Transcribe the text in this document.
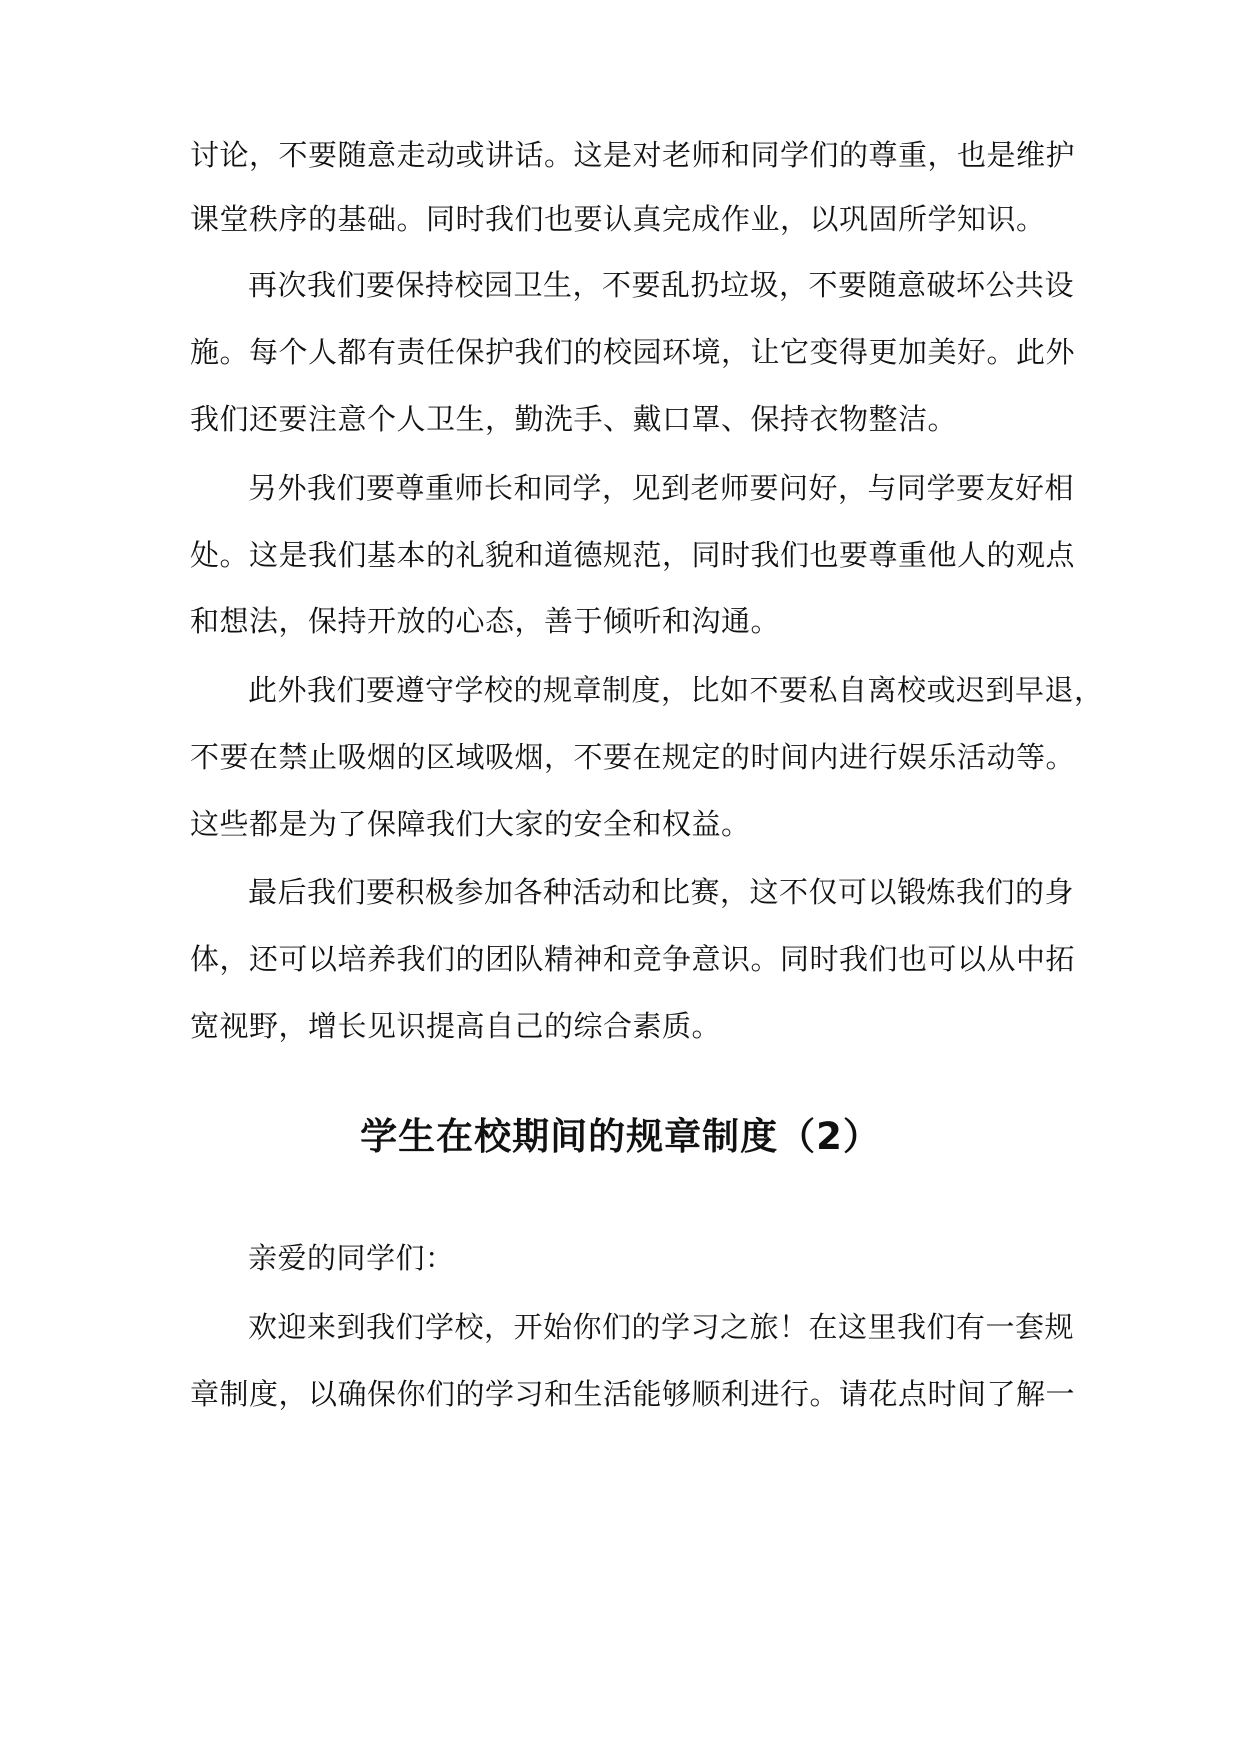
讨论，不要随意走动或讲话。这是对老师和同学们的尊重，也是维护
课堂秩序的基础。同时我们也要认真完成作业，以巩固所学知识。
再次我们要保持校园卫生，不要乱扔垃圾，不要随意破坏公共设
施。每个人都有责任保护我们的校园环境，让它变得更加美好。此外
我们还要注意个人卫生，勤洗手、戴口罩、保持衣物整洁。
另外我们要尊重师长和同学，见到老师要问好，与同学要友好相
处。这是我们基本的礼貌和道德规范，同时我们也要尊重他人的观点
和想法，保持开放的心态，善于倾听和沟通。
此外我们要遵守学校的规章制度，比如不要私自离校或迟到早退，
不要在禁止吸烟的区域吸烟，不要在规定的时间内进行娱乐活动等。
这些都是为了保障我们大家的安全和权益。
最后我们要积极参加各种活动和比赛，这不仅可以锻炼我们的身
体，还可以培养我们的团队精神和竞争意识。同时我们也可以从中拓
宽视野，增长见识提高自己的综合素质。
学生在校期间的规章制度（2）
亲爱的同学们：
欢迎来到我们学校，开始你们的学习之旅！在这里我们有一套规
章制度，以确保你们的学习和生活能够顺利进行。请花点时间了解一
